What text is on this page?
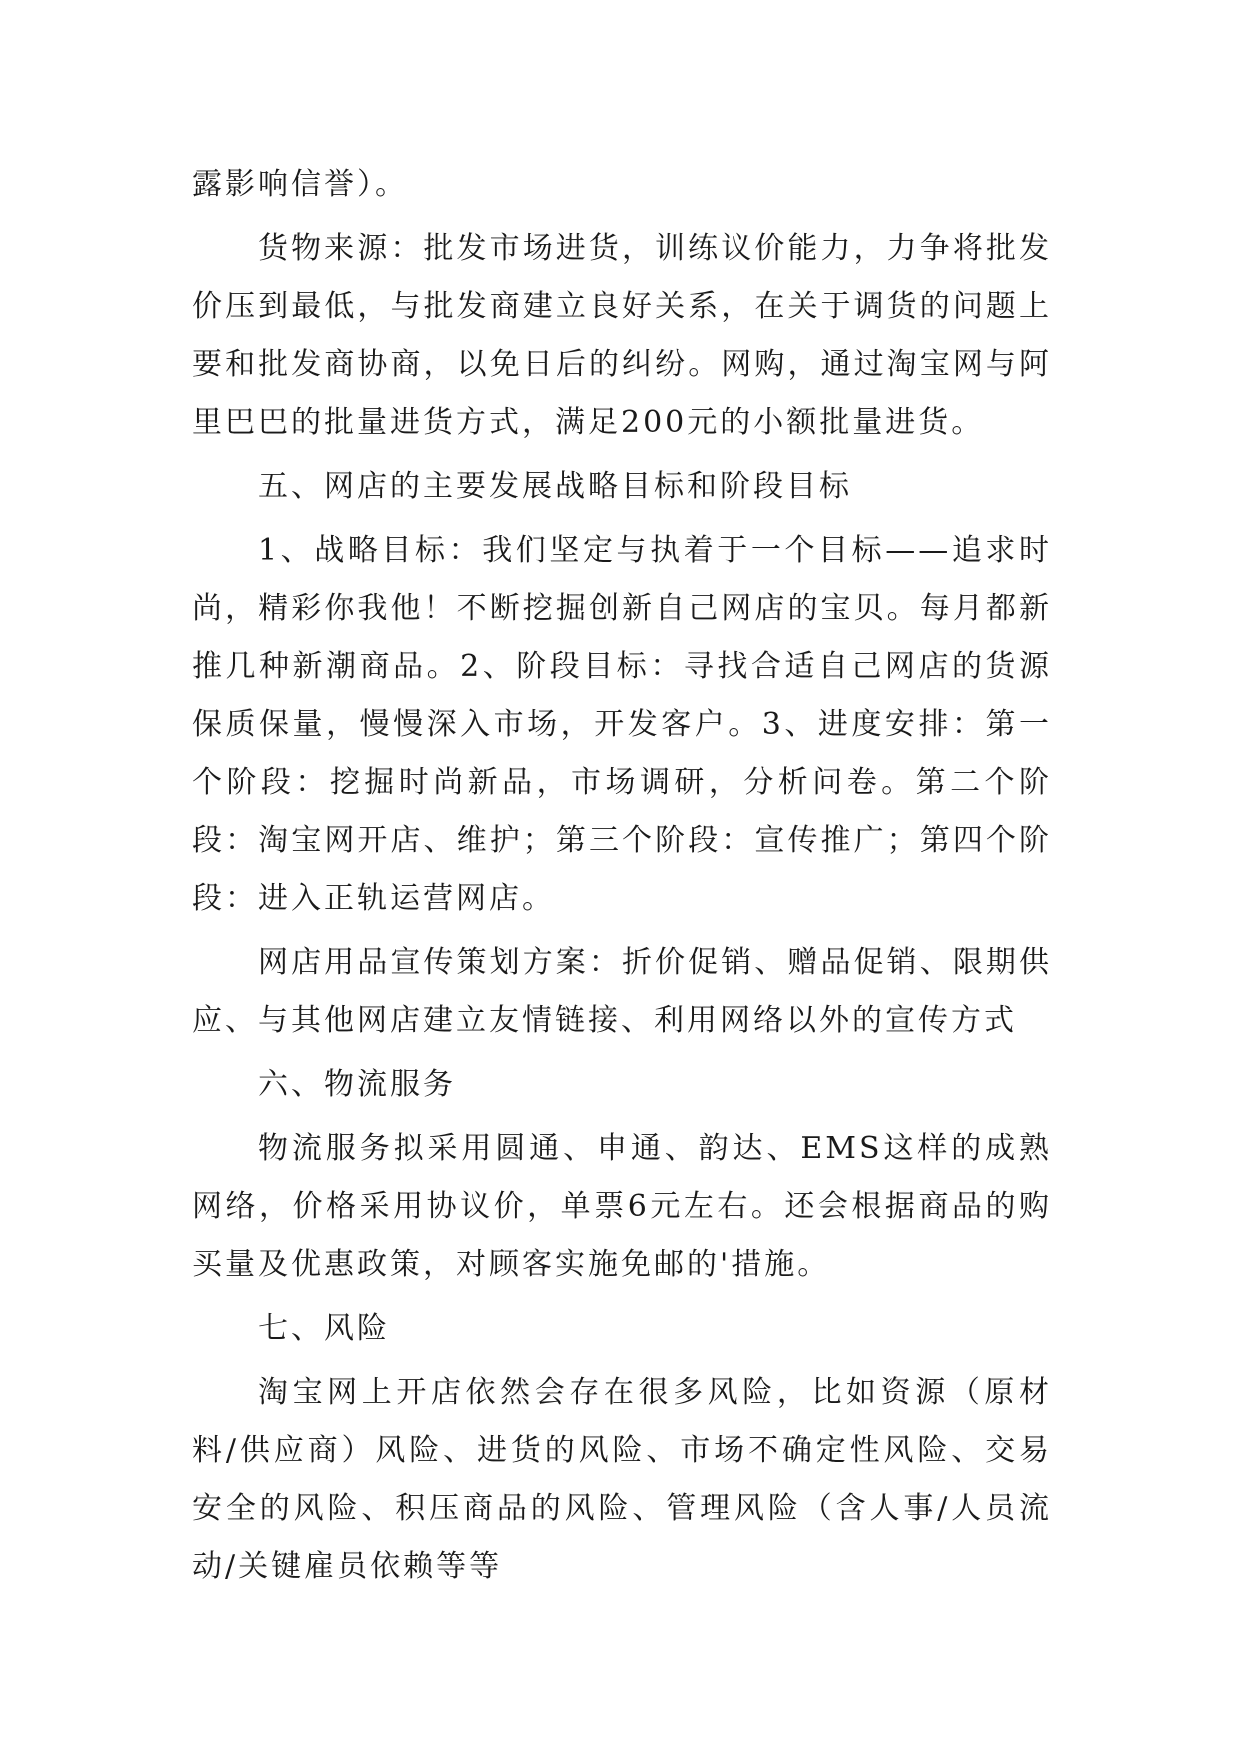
露影响信誉）。

货物来源：批发市场进货，训练议价能力，力争将批发价压到最低，与批发商建立良好关系，在关于调货的问题上要和批发商协商，以免日后的纠纷。网购，通过淘宝网与阿里巴巴的批量进货方式，满足200元的小额批量进货。

五、网店的主要发展战略目标和阶段目标

1、战略目标：我们坚定与执着于一个目标——追求时尚，精彩你我他！不断挖掘创新自己网店的宝贝。每月都新推几种新潮商品。2、阶段目标：寻找合适自己网店的货源保质保量，慢慢深入市场，开发客户。3、进度安排：第一个阶段：挖掘时尚新品，市场调研，分析问卷。第二个阶段：淘宝网开店、维护；第三个阶段：宣传推广；第四个阶段：进入正轨运营网店。

网店用品宣传策划方案：折价促销、赠品促销、限期供应、与其他网店建立友情链接、利用网络以外的宣传方式

六、物流服务

物流服务拟采用圆通、申通、韵达、EMS这样的成熟网络，价格采用协议价，单票6元左右。还会根据商品的购买量及优惠政策，对顾客实施免邮的'措施。

七、风险

淘宝网上开店依然会存在很多风险，比如资源（原材料/供应商）风险、进货的风险、市场不确定性风险、交易安全的风险、积压商品的风险、管理风险（含人事/人员流动/关键雇员依赖等等
